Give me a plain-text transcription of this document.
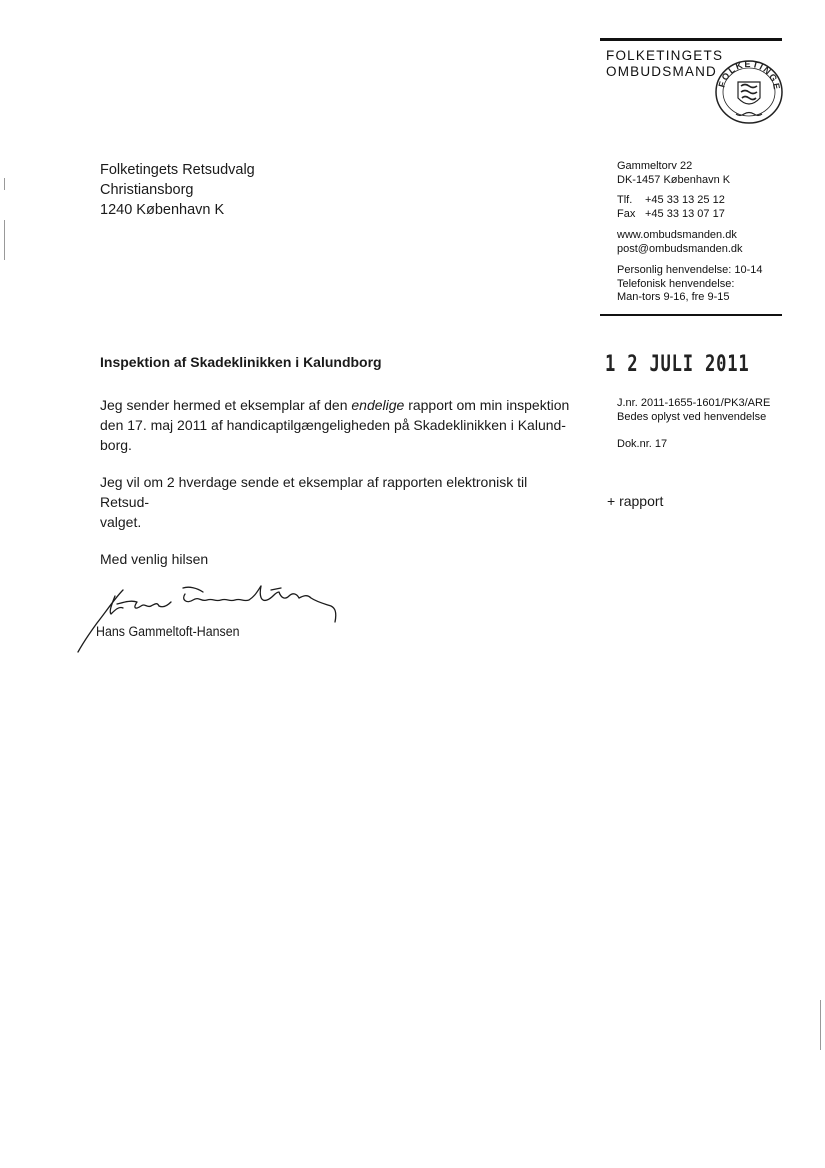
FOLKETINGETS
OMBUDSMAND
FOLKETINGE
Folketingets Retsudvalg
Christiansborg
1240 København K
Gammeltorv 22
DK-1457 København K
Tlf. +45 33 13 25 12
Fax +45 33 13 07 17
www.ombudsmanden.dk
post@ombudsmanden.dk
Personlig henvendelse: 10-14
Telefonisk henvendelse:
Man-tors 9-16, fre 9-15
Inspektion af Skadeklinikken i Kalundborg	1 2 JULI 2011
J.nr. 2011-1655-1601/PK3/ARE
Bedes oplyst ved henvendelse
Dok.nr. 17
Jeg sender hermed et eksemplar af den endelige rapport om min inspektion
den 17. maj 2011 af handicaptilgængeligheden på Skadeklinikken i Kalund-
borg.
Jeg vil om 2 hverdage sende et eksemplar af rapporten elektronisk til Retsud-
valget.
+ rapport
Med venlig hilsen
Hans Gammeltoft-Hansen
